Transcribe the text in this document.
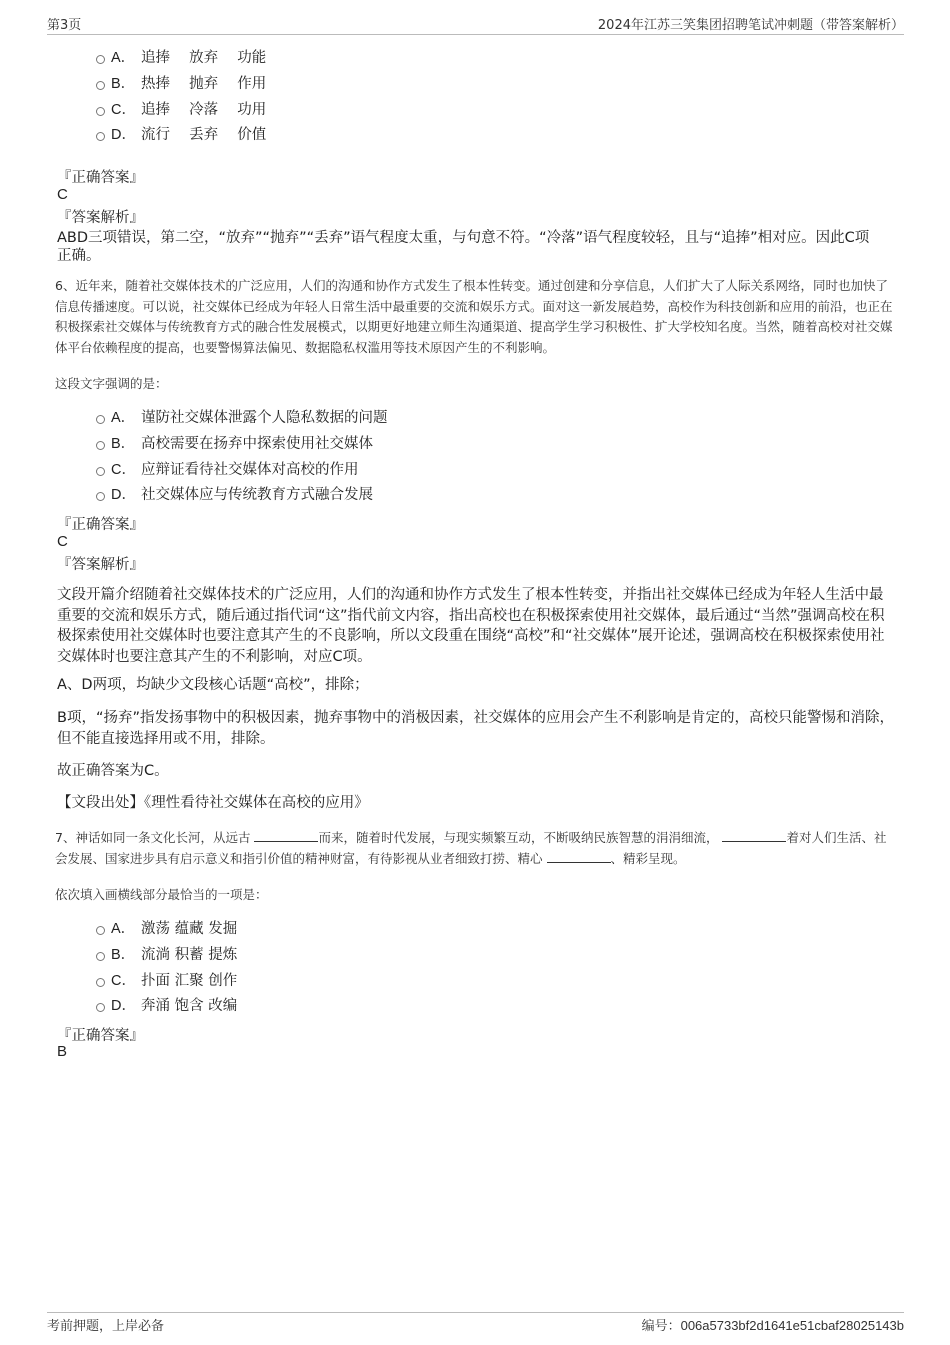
第3页	2024年江苏三笑集团招聘笔试冲刺题（带答案解析）
A． 追捧　 放弃　 功能
B． 热捧　 抛弃　 作用
C． 追捧　 冷落　 功用
D． 流行　 丢弃　 价值
『正确答案』
C
『答案解析』
ABD三项错误，第二空，“放弃”“抛弃”“丢弃”语气程度太重，与句意不符。“冷落”语气程度较轻，且与“追捧”相对应。因此C项
正确。

6、近年来，随着社交媒体技术的广泛应用，人们的沟通和协作方式发生了根本性转变。通过创建和分享信息，人们扩大了人际关系网络，同时也加快了信息传播速度。可以说，社交媒体已经成为年轻人日常生活中最重要的交流和娱乐方式。面对这一新发展趋势，高校作为科技创新和应用的前沿，也正在积极探索社交媒体与传统教育方式的融合性发展模式，以期更好地建立师生沟通渠道、提高学生学习积极性、扩大学校知名度。当然，随着高校对社交媒体平台依赖程度的提高，也要警惕算法偏见、数据隐私权滥用等技术原因产生的不利影响。

这段文字强调的是：
A． 谨防社交媒体泄露个人隐私数据的问题
B． 高校需要在扬弃中探索使用社交媒体
C． 应辩证看待社交媒体对高校的作用
D． 社交媒体应与传统教育方式融合发展
『正确答案』
C
『答案解析』

文段开篇介绍随着社交媒体技术的广泛应用，人们的沟通和协作方式发生了根本性转变，并指出社交媒体已经成为年轻人生活中最重要的交流和娱乐方式，随后通过指代词“这”指代前文内容，指出高校也在积极探索使用社交媒体，最后通过“当然”强调高校在积极探索使用社交媒体时也要注意其产生的不良影响，所以文段重在围绕“高校”和“社交媒体”展开论述，强调高校在积极探索使用社交媒体时也要注意其产生的不利影响，对应C项。

A、D两项，均缺少文段核心话题“高校”，排除；

B项，“扬弃”指发扬事物中的积极因素，抛弃事物中的消极因素，社交媒体的应用会产生不利影响是肯定的，高校只能警惕和消除，但不能直接选择用或不用，排除。

故正确答案为C。

【文段出处】《理性看待社交媒体在高校的应用》

7、神话如同一条文化长河，从远古	而来，随着时代发展，与现实频繁互动，不断吸纳民族智慧的涓涓细流，	着对人们生活、社会发展、国家进步具有启示意义和指引价值的精神财富，有待影视从业者细致打捞、精心	、精彩呈现。

依次填入画横线部分最恰当的一项是：
A． 激荡 蕴藏 发掘
B． 流淌 积蓄 提炼
C． 扑面 汇聚 创作
D． 奔涌 饱含 改编
『正确答案』
B
考前押题，上岸必备	编号：006a5733bf2d1641e51cbaf28025143b
